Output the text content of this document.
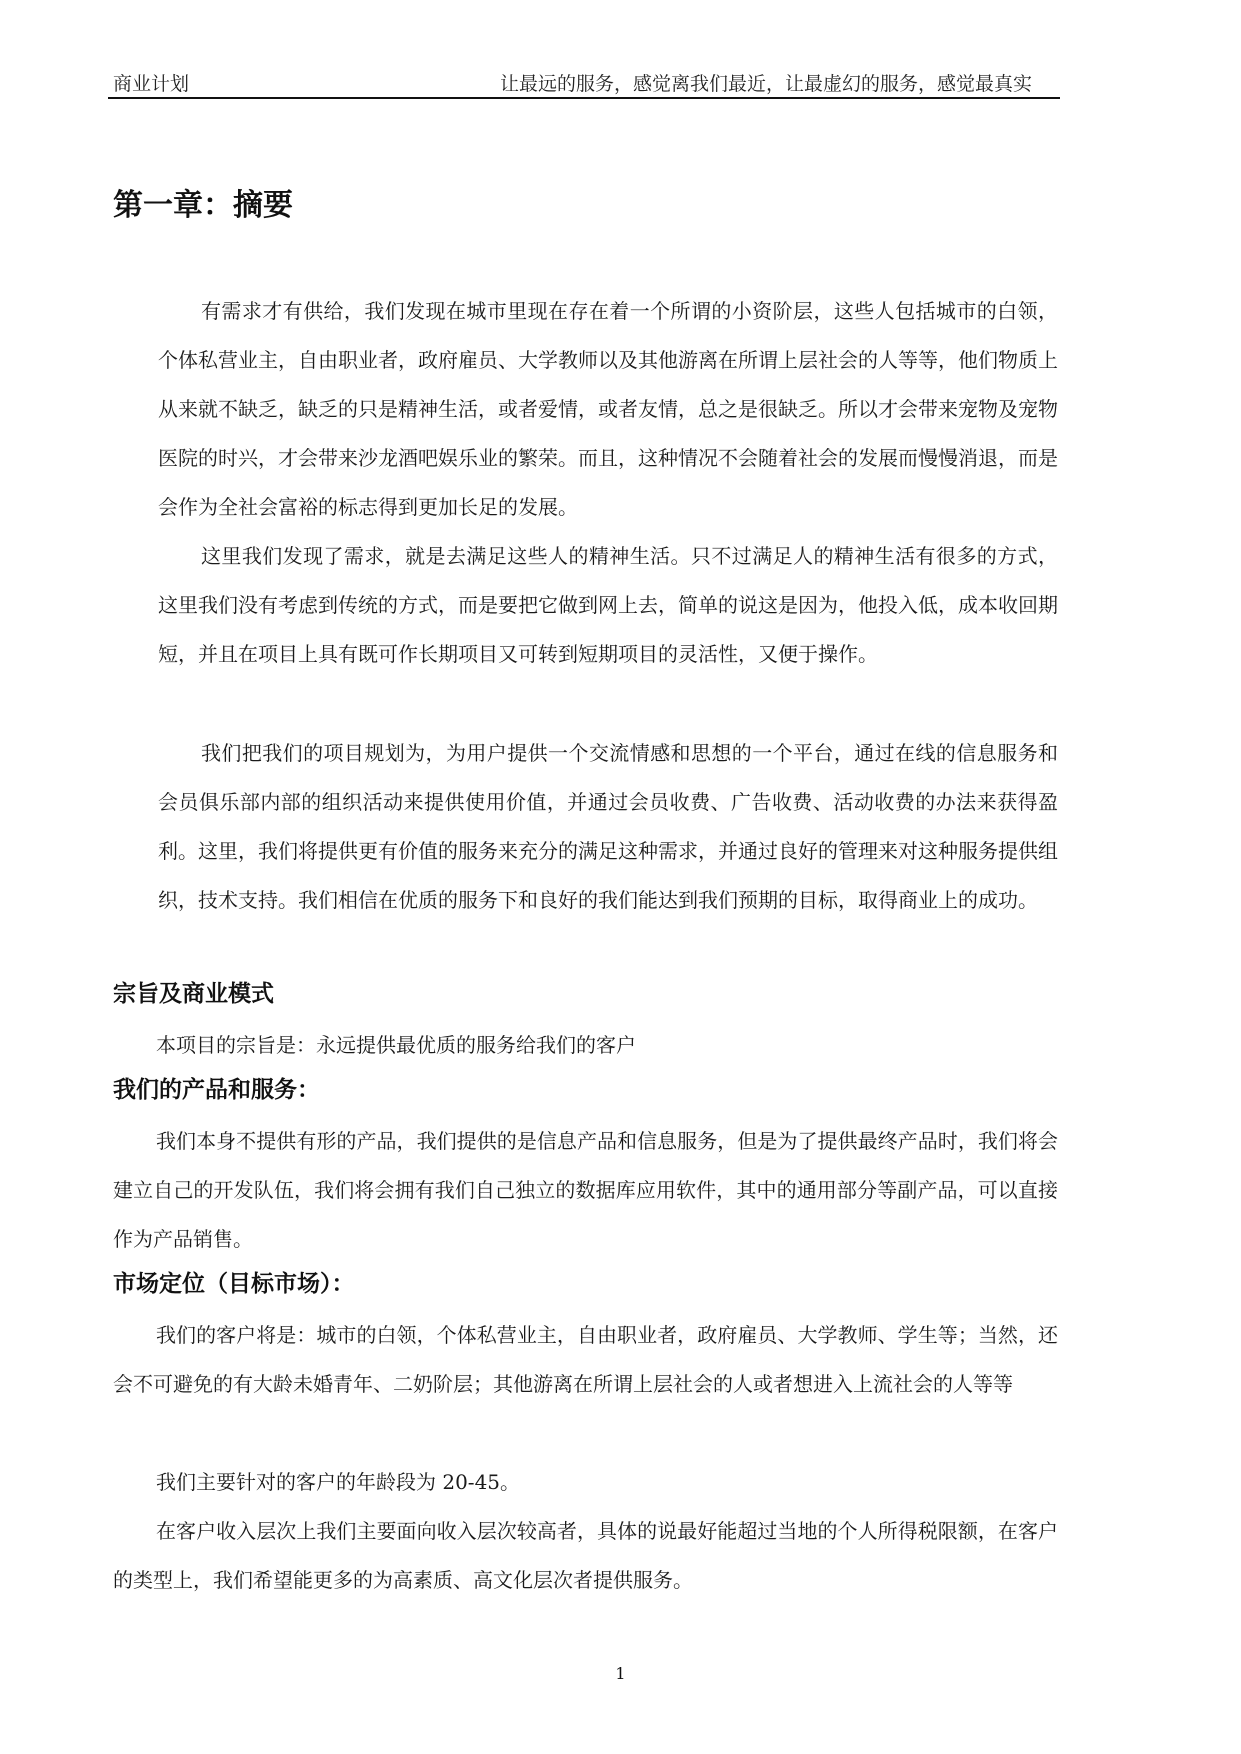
商业计划	让最远的服务，感觉离我们最近，让最虚幻的服务，感觉最真实
第一章：摘要

有需求才有供给，我们发现在城市里现在存在着一个所谓的小资阶层，这些人包括城市的白领，个体私营业主，自由职业者，政府雇员、大学教师以及其他游离在所谓上层社会的人等等，他们物质上从来就不缺乏，缺乏的只是精神生活，或者爱情，或者友情，总之是很缺乏。所以才会带来宠物及宠物医院的时兴，才会带来沙龙酒吧娱乐业的繁荣。而且，这种情况不会随着社会的发展而慢慢消退，而是会作为全社会富裕的标志得到更加长足的发展。

这里我们发现了需求，就是去满足这些人的精神生活。只不过满足人的精神生活有很多的方式，这里我们没有考虑到传统的方式，而是要把它做到网上去，简单的说这是因为，他投入低，成本收回期短，并且在项目上具有既可作长期项目又可转到短期项目的灵活性，又便于操作。

我们把我们的项目规划为，为用户提供一个交流情感和思想的一个平台，通过在线的信息服务和会员俱乐部内部的组织活动来提供使用价值，并通过会员收费、广告收费、活动收费的办法来获得盈利。这里，我们将提供更有价值的服务来充分的满足这种需求，并通过良好的管理来对这种服务提供组织，技术支持。我们相信在优质的服务下和良好的我们能达到我们预期的目标，取得商业上的成功。

宗旨及商业模式

本项目的宗旨是：永远提供最优质的服务给我们的客户

我们的产品和服务：

我们本身不提供有形的产品，我们提供的是信息产品和信息服务，但是为了提供最终产品时，我们将会建立自己的开发队伍，我们将会拥有我们自己独立的数据库应用软件，其中的通用部分等副产品，可以直接作为产品销售。

市场定位（目标市场）：

我们的客户将是：城市的白领，个体私营业主，自由职业者，政府雇员、大学教师、学生等；当然，还会不可避免的有大龄未婚青年、二奶阶层；其他游离在所谓上层社会的人或者想进入上流社会的人等等

我们主要针对的客户的年龄段为 20-45。

在客户收入层次上我们主要面向收入层次较高者，具体的说最好能超过当地的个人所得税限额，在客户的类型上，我们希望能更多的为高素质、高文化层次者提供服务。

1
